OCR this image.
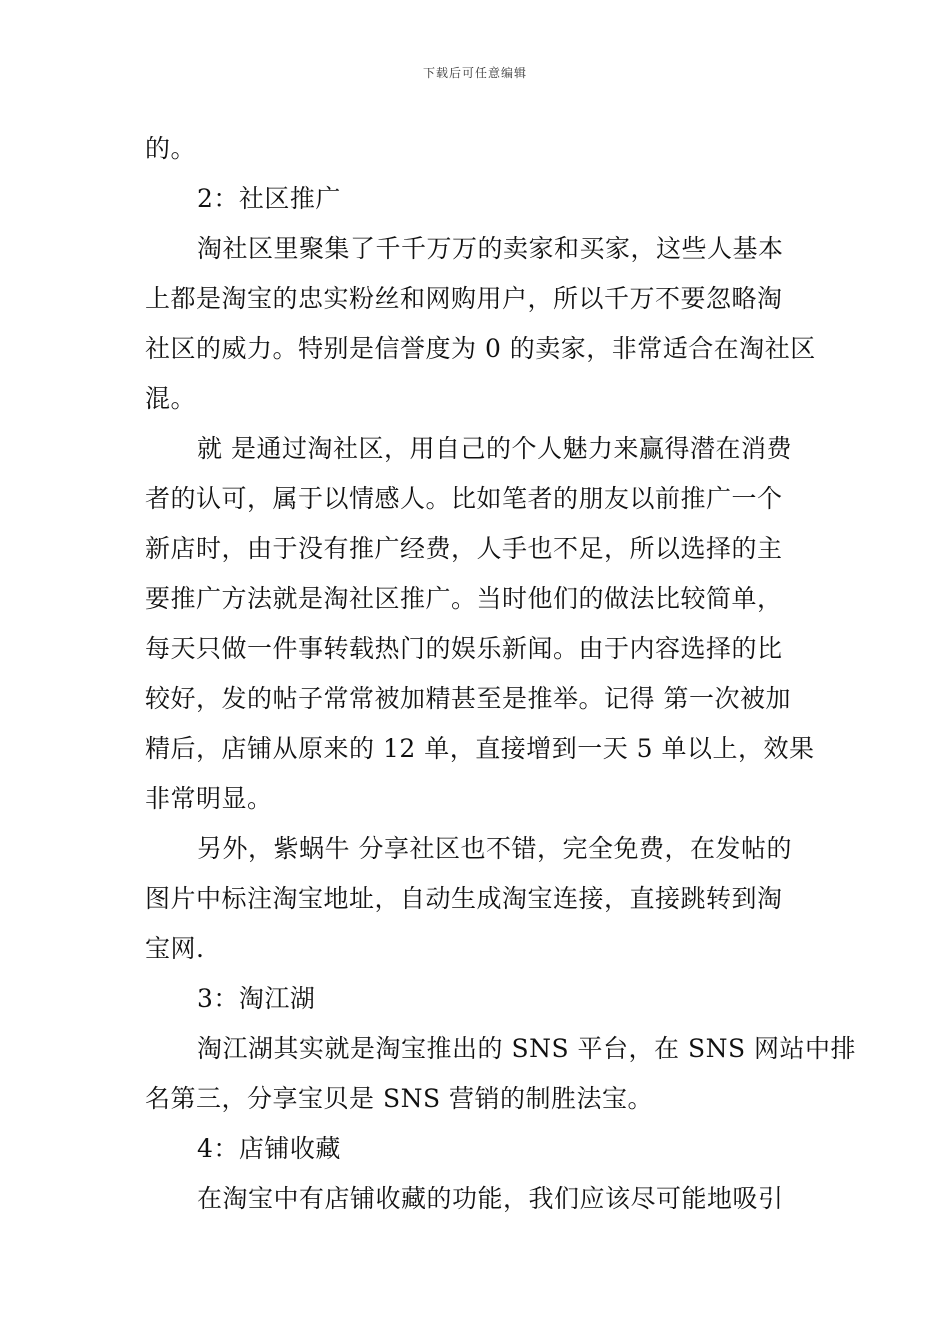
下载后可任意编辑
的。
2：社区推广
淘社区里聚集了千千万万的卖家和买家，这些人基本
上都是淘宝的忠实粉丝和网购用户，所以千万不要忽略淘
社区的威力。特别是信誉度为 0 的卖家，非常适合在淘社区
混。
就 是通过淘社区，用自己的个人魅力来赢得潜在消费
者的认可，属于以情感人。比如笔者的朋友以前推广一个
新店时，由于没有推广经费，人手也不足，所以选择的主
要推广方法就是淘社区推广。当时他们的做法比较简单，
每天只做一件事转载热门的娱乐新闻。由于内容选择的比
较好，发的帖子常常被加精甚至是推举。记得 第一次被加
精后，店铺从原来的 12 单，直接增到一天 5 单以上，效果
非常明显。
另外，紫蜗牛 分享社区也不错，完全免费，在发帖的
图片中标注淘宝地址，自动生成淘宝连接，直接跳转到淘
宝网.
3：淘江湖
淘江湖其实就是淘宝推出的 SNS 平台，在 SNS 网站中排
名第三，分享宝贝是 SNS 营销的制胜法宝。
4：店铺收藏
在淘宝中有店铺收藏的功能，我们应该尽可能地吸引
